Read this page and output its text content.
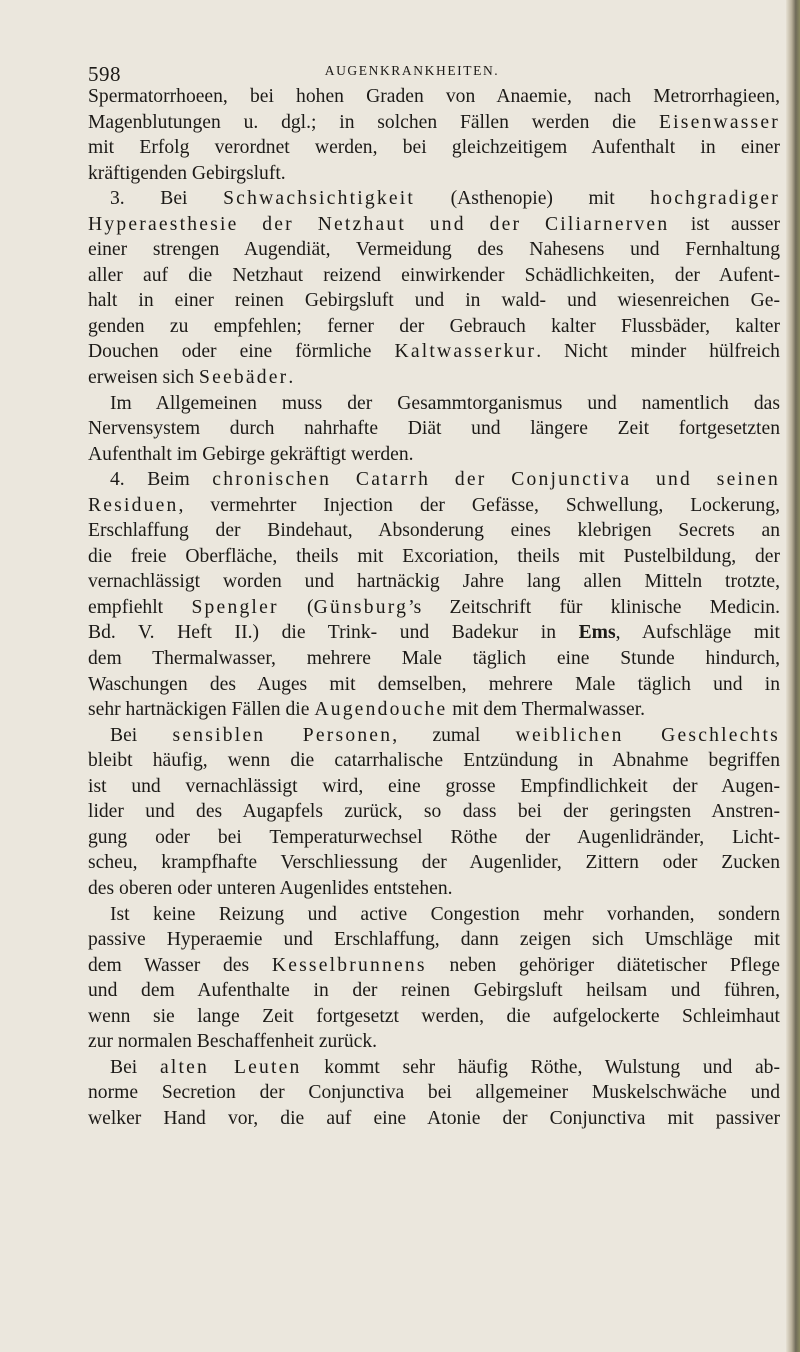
598	AUGENKRANKHEITEN.
Spermatorrhoeen, bei hohen Graden von Anaemie, nach Metrorrhagieen,
Magenblutungen u. dgl.; in solchen Fällen werden die Eisenwasser
mit Erfolg verordnet werden, bei gleichzeitigem Aufenthalt in einer
kräftigenden Gebirgsluft.
3. Bei Schwachsichtigkeit (Asthenopie) mit hochgradiger
Hyperaesthesie der Netzhaut und der Ciliarnerven ist ausser
einer strengen Augendiät, Vermeidung des Nahesens und Fernhaltung
aller auf die Netzhaut reizend einwirkender Schädlichkeiten, der Aufent-
halt in einer reinen Gebirgsluft und in wald- und wiesenreichen Ge-
genden zu empfehlen; ferner der Gebrauch kalter Flussbäder, kalter
Douchen oder eine förmliche Kaltwasserkur. Nicht minder hülfreich
erweisen sich Seebäder.
Im Allgemeinen muss der Gesammtorganismus und namentlich das
Nervensystem durch nahrhafte Diät und längere Zeit fortgesetzten
Aufenthalt im Gebirge gekräftigt werden.
4. Beim chronischen Catarrh der Conjunctiva und seinen
Residuen, vermehrter Injection der Gefässe, Schwellung, Lockerung,
Erschlaffung der Bindehaut, Absonderung eines klebrigen Secrets an
die freie Oberfläche, theils mit Excoriation, theils mit Pustelbildung, der
vernachlässigt worden und hartnäckig Jahre lang allen Mitteln trotzte,
empfiehlt Spengler (Günsburg’s Zeitschrift für klinische Medicin.
Bd. V. Heft II.) die Trink- und Badekur in Ems, Aufschläge mit
dem Thermalwasser, mehrere Male täglich eine Stunde hindurch,
Waschungen des Auges mit demselben, mehrere Male täglich und in
sehr hartnäckigen Fällen die Augendouche mit dem Thermalwasser.
Bei sensiblen Personen, zumal weiblichen Geschlechts
bleibt häufig, wenn die catarrhalische Entzündung in Abnahme begriffen
ist und vernachlässigt wird, eine grosse Empfindlichkeit der Augen-
lider und des Augapfels zurück, so dass bei der geringsten Anstren-
gung oder bei Temperaturwechsel Röthe der Augenlidränder, Licht-
scheu, krampfhafte Verschliessung der Augenlider, Zittern oder Zucken
des oberen oder unteren Augenlides entstehen.
Ist keine Reizung und active Congestion mehr vorhanden, sondern
passive Hyperaemie und Erschlaffung, dann zeigen sich Umschläge mit
dem Wasser des Kesselbrunnens neben gehöriger diätetischer Pflege
und dem Aufenthalte in der reinen Gebirgsluft heilsam und führen,
wenn sie lange Zeit fortgesetzt werden, die aufgelockerte Schleimhaut
zur normalen Beschaffenheit zurück.
Bei alten Leuten kommt sehr häufig Röthe, Wulstung und ab-
norme Secretion der Conjunctiva bei allgemeiner Muskelschwäche und
welker Hand vor, die auf eine Atonie der Conjunctiva mit passiver
